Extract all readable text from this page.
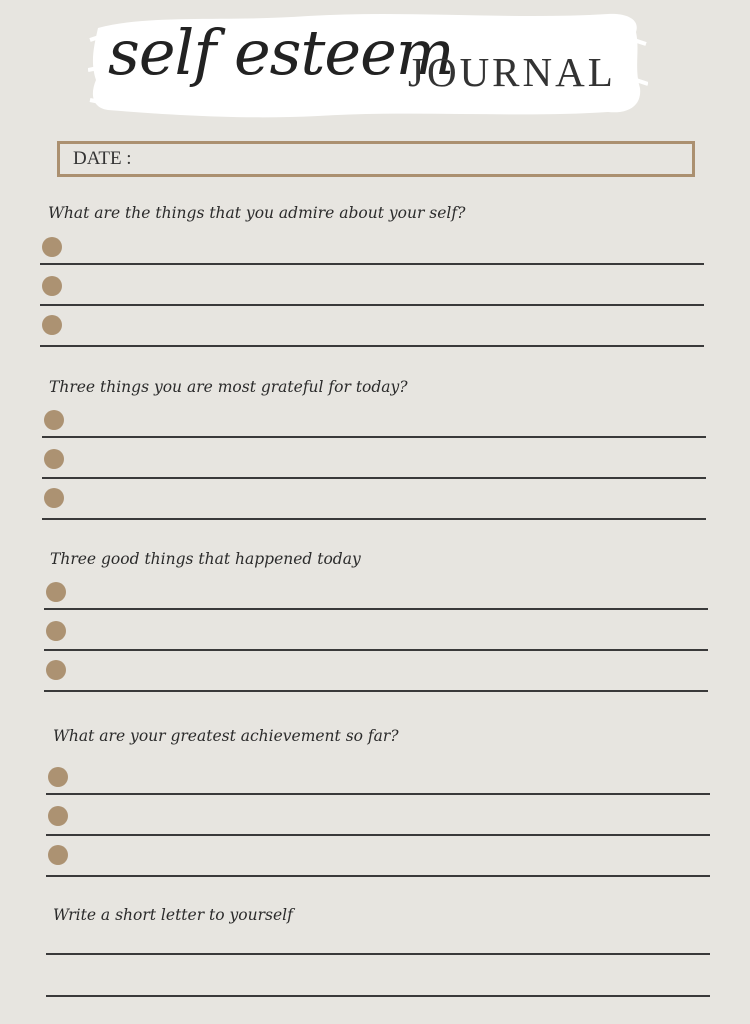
self esteem
JOURNAL
DATE :
What are the things that you admire about your self?
Three things you are most grateful for today?
Three good things that happened today
What are your greatest achievement so far?
Write a short letter to yourself
